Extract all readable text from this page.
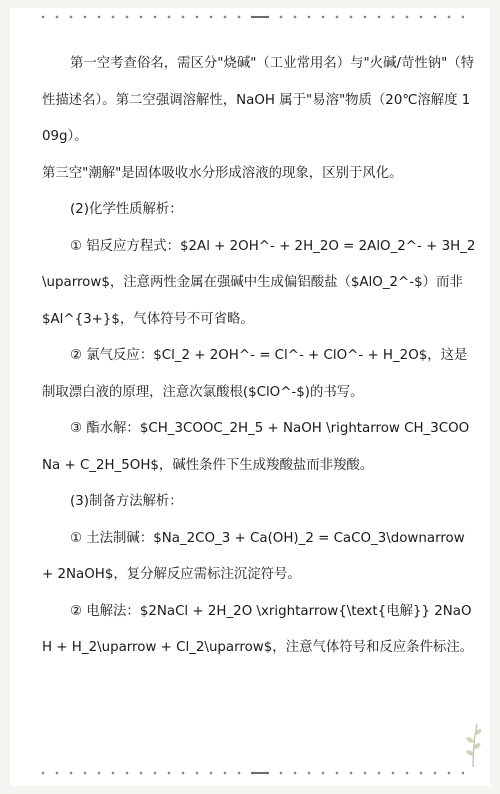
第一空考查俗名，需区分"烧碱"（工业常用名）与"火碱/苛性钠"（特性描述名）。第二空强调溶解性，NaOH 属于"易溶"物质（20℃溶解度 109g）。

第三空"潮解"是固体吸收水分形成溶液的现象，区别于风化。

(2)化学性质解析：

① 铝反应方程式：$2Al + 2OH^- + 2H_2O = 2AlO_2^- + 3H_2\uparrow$，注意两性金属在强碱中生成偏铝酸盐（$AlO_2^-$）而非$Al^{3+}$，气体符号不可省略。

② 氯气反应：$Cl_2 + 2OH^- = Cl^- + ClO^- + H_2O$，这是制取漂白液的原理，注意次氯酸根($ClO^-$)的书写。

③ 酯水解：$CH_3COOC_2H_5 + NaOH \rightarrow CH_3COONa + C_2H_5OH$，碱性条件下生成羧酸盐而非羧酸。

(3)制备方法解析：

① 土法制碱：$Na_2CO_3 + Ca(OH)_2 = CaCO_3\downarrow + 2NaOH$，复分解反应需标注沉淀符号。

② 电解法：$2NaCl + 2H_2O \xrightarrow{\text{电解}} 2NaOH + H_2\uparrow + Cl_2\uparrow$，注意气体符号和反应条件标注。
